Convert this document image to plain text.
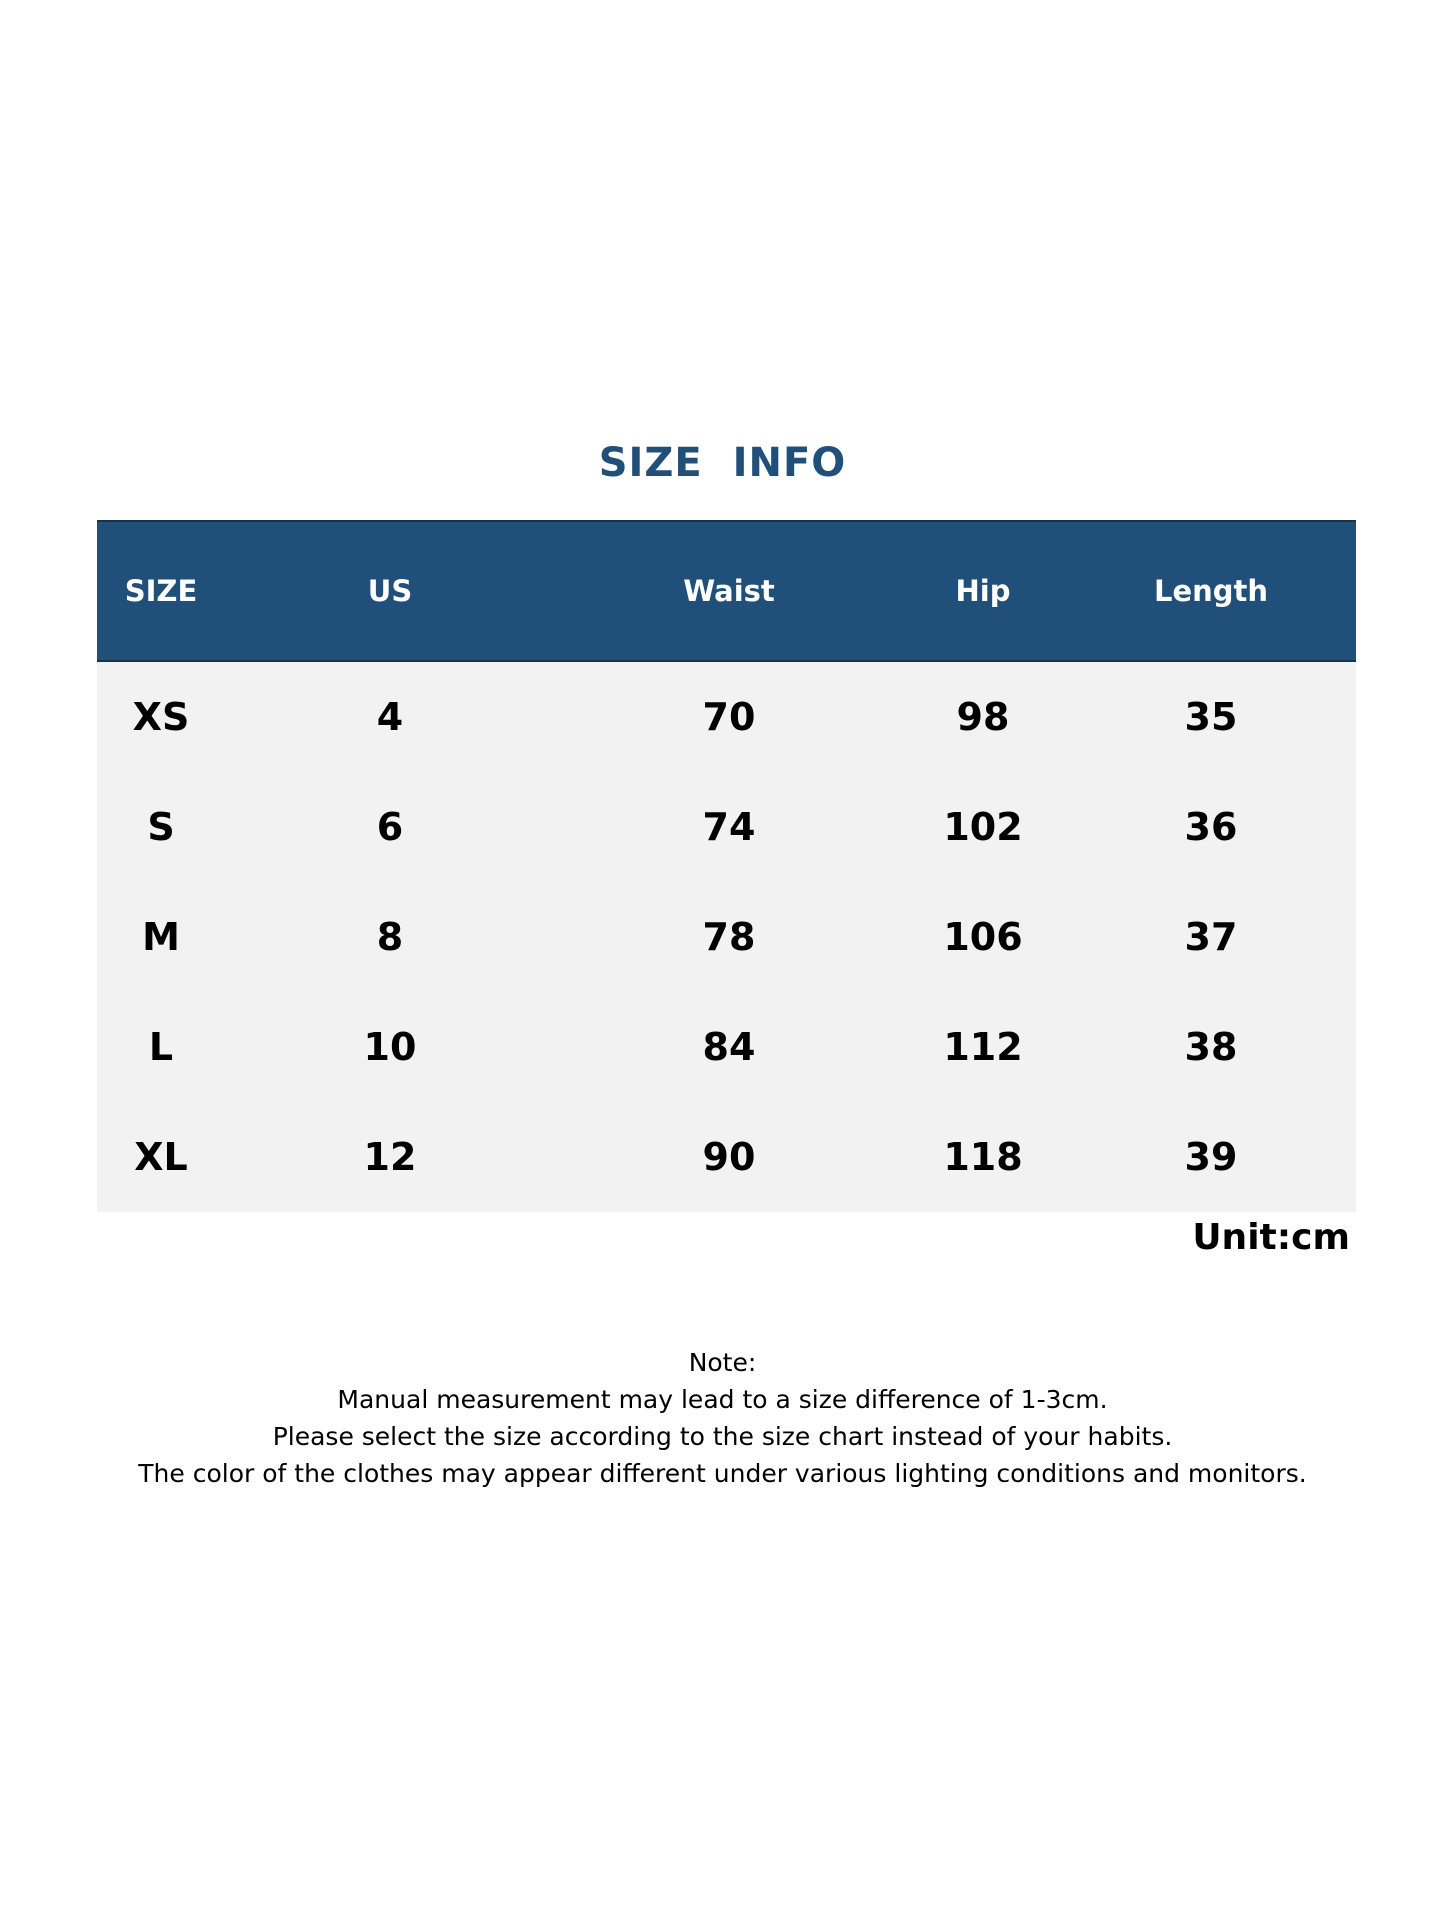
SIZE  INFO
SIZE	US	Waist	Hip	Length
XS	4	70	98	35
S	6	74	102	36
M	8	78	106	37
L	10	84	112	38
XL	12	90	118	39
Unit:cm
Note:
Manual measurement may lead to a size difference of 1-3cm.
Please select the size according to the size chart instead of your habits.
The color of the clothes may appear different under various lighting conditions and monitors.
